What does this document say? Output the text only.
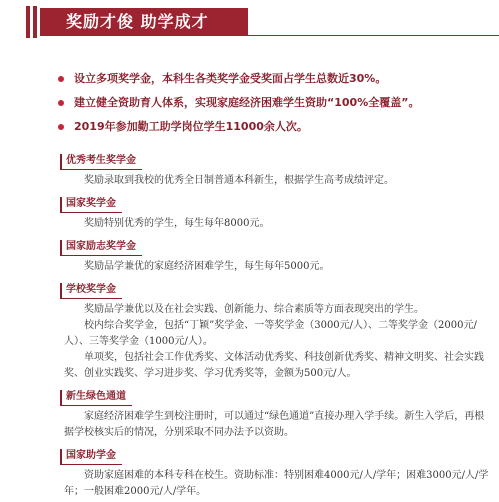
奖励才俊 助学成才
设立多项奖学金，本科生各类奖学金受奖面占学生总数近30%。
建立健全资助育人体系，实现家庭经济困难学生资助“100%全覆盖”。
2019年参加勤工助学岗位学生11000余人次。
优秀考生奖学金

奖励录取到我校的优秀全日制普通本科新生，根据学生高考成绩评定。

国家奖学金

奖励特别优秀的学生，每生每年8000元。

国家励志奖学金

奖励品学兼优的家庭经济困难学生，每生每年5000元。

学校奖学金

奖励品学兼优以及在社会实践、创新能力、综合素质等方面表现突出的学生。

校内综合奖学金，包括“丁颖”奖学金、一等奖学金（3000元/人）、二等奖学金（2000元/人）、三等奖学金（1000元/人）。

单项奖，包括社会工作优秀奖、文体活动优秀奖、科技创新优秀奖、精神文明奖、社会实践奖、创业实践奖、学习进步奖、学习优秀奖等，金额为500元/人。

新生绿色通道

家庭经济困难学生到校注册时，可以通过“绿色通道”直接办理入学手续。新生入学后，再根据学校核实后的情况，分别采取不同办法予以资助。

国家助学金

资助家庭困难的本科专科在校生。资助标准：特别困难4000元/人/学年；困难3000元/人/学年；一般困难2000元/人/学年。
